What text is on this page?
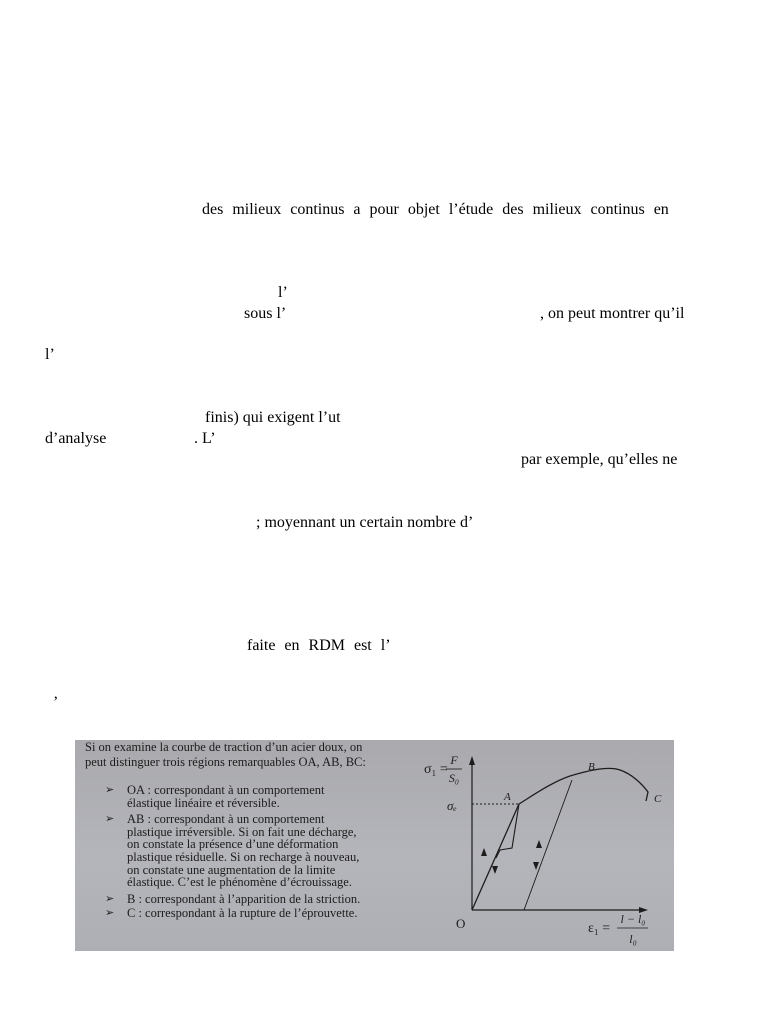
des milieux continus a pour objet l’étude des milieux continus en
l’
sous l’	, on peut montrer qu’il
l’
finis) qui exigent l’ut
d’analyse	. L’
par exemple, qu’elles ne
; moyennant un certain nombre d’
faite en RDM est l’
’
Si on examine la courbe de traction d’un acier doux, on
peut distinguer trois régions remarquables OA, AB, BC:
➢ OA : correspondant à un comportement
élastique linéaire et réversible.
➢ AB : correspondant à un comportement
plastique irréversible. Si on fait une décharge,
on constate la présence d’une déformation
plastique résiduelle. Si on recharge à nouveau,
on constate une augmentation de la limite
élastique. C’est le phénomène d’écrouissage.
➢ B : correspondant à l’apparition de la striction.
➢ C : correspondant à la rupture de l’éprouvette.
σ₁ =
F
S₀
σₑ
O
A
B
C
ε₁ =
l − l₀
l₀
